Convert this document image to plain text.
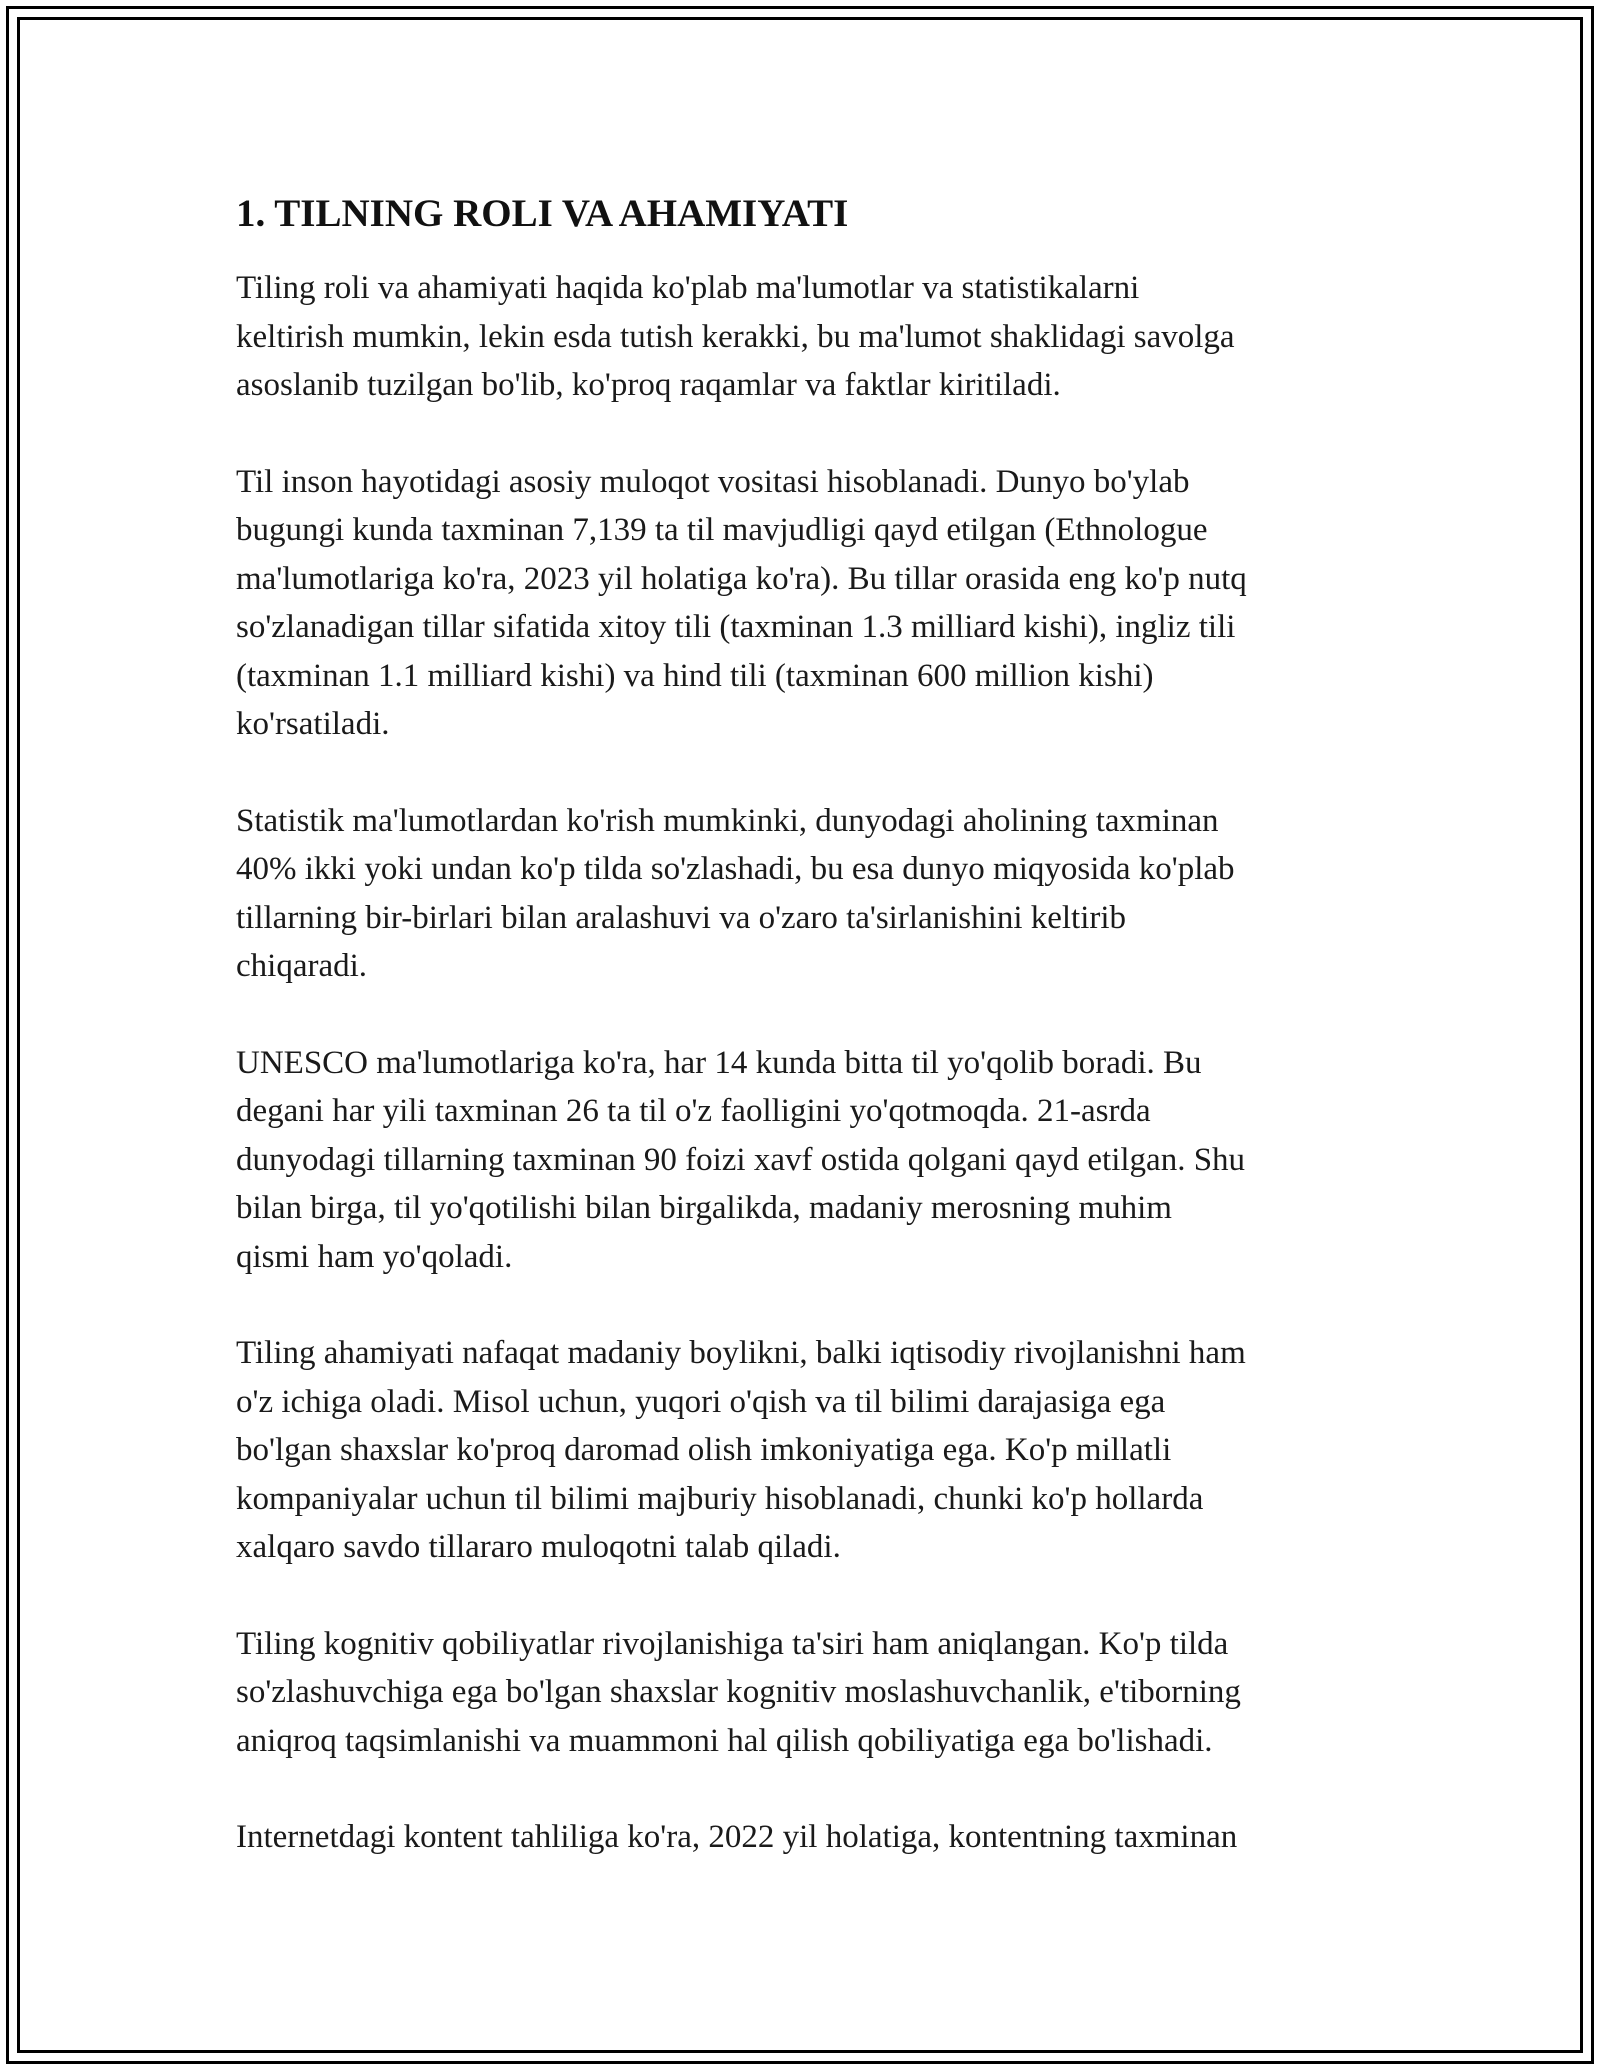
1. TILNING ROLI VA AHAMIYATI

Tiling roli va ahamiyati haqida ko'plab ma'lumotlar va statistikalarni
keltirish mumkin, lekin esda tutish kerakki, bu ma'lumot shaklidagi savolga
asoslanib tuzilgan bo'lib, ko'proq raqamlar va faktlar kiritiladi.

Til inson hayotidagi asosiy muloqot vositasi hisoblanadi. Dunyo bo'ylab
bugungi kunda taxminan 7,139 ta til mavjudligi qayd etilgan (Ethnologue
ma'lumotlariga ko'ra, 2023 yil holatiga ko'ra). Bu tillar orasida eng ko'p nutq
so'zlanadigan tillar sifatida xitoy tili (taxminan 1.3 milliard kishi), ingliz tili
(taxminan 1.1 milliard kishi) va hind tili (taxminan 600 million kishi)
ko'rsatiladi.

Statistik ma'lumotlardan ko'rish mumkinki, dunyodagi aholining taxminan
40% ikki yoki undan ko'p tilda so'zlashadi, bu esa dunyo miqyosida ko'plab
tillarning bir-birlari bilan aralashuvi va o'zaro ta'sirlanishini keltirib
chiqaradi.

UNESCO ma'lumotlariga ko'ra, har 14 kunda bitta til yo'qolib boradi. Bu
degani har yili taxminan 26 ta til o'z faolligini yo'qotmoqda. 21-asrda
dunyodagi tillarning taxminan 90 foizi xavf ostida qolgani qayd etilgan. Shu
bilan birga, til yo'qotilishi bilan birgalikda, madaniy merosning muhim
qismi ham yo'qoladi.

Tiling ahamiyati nafaqat madaniy boylikni, balki iqtisodiy rivojlanishni ham
o'z ichiga oladi. Misol uchun, yuqori o'qish va til bilimi darajasiga ega
bo'lgan shaxslar ko'proq daromad olish imkoniyatiga ega. Ko'p millatli
kompaniyalar uchun til bilimi majburiy hisoblanadi, chunki ko'p hollarda
xalqaro savdo tillararo muloqotni talab qiladi.

Tiling kognitiv qobiliyatlar rivojlanishiga ta'siri ham aniqlangan. Ko'p tilda
so'zlashuvchiga ega bo'lgan shaxslar kognitiv moslashuvchanlik, e'tiborning
aniqroq taqsimlanishi va muammoni hal qilish qobiliyatiga ega bo'lishadi.

Internetdagi kontent tahliliga ko'ra, 2022 yil holatiga, kontentning taxminan
